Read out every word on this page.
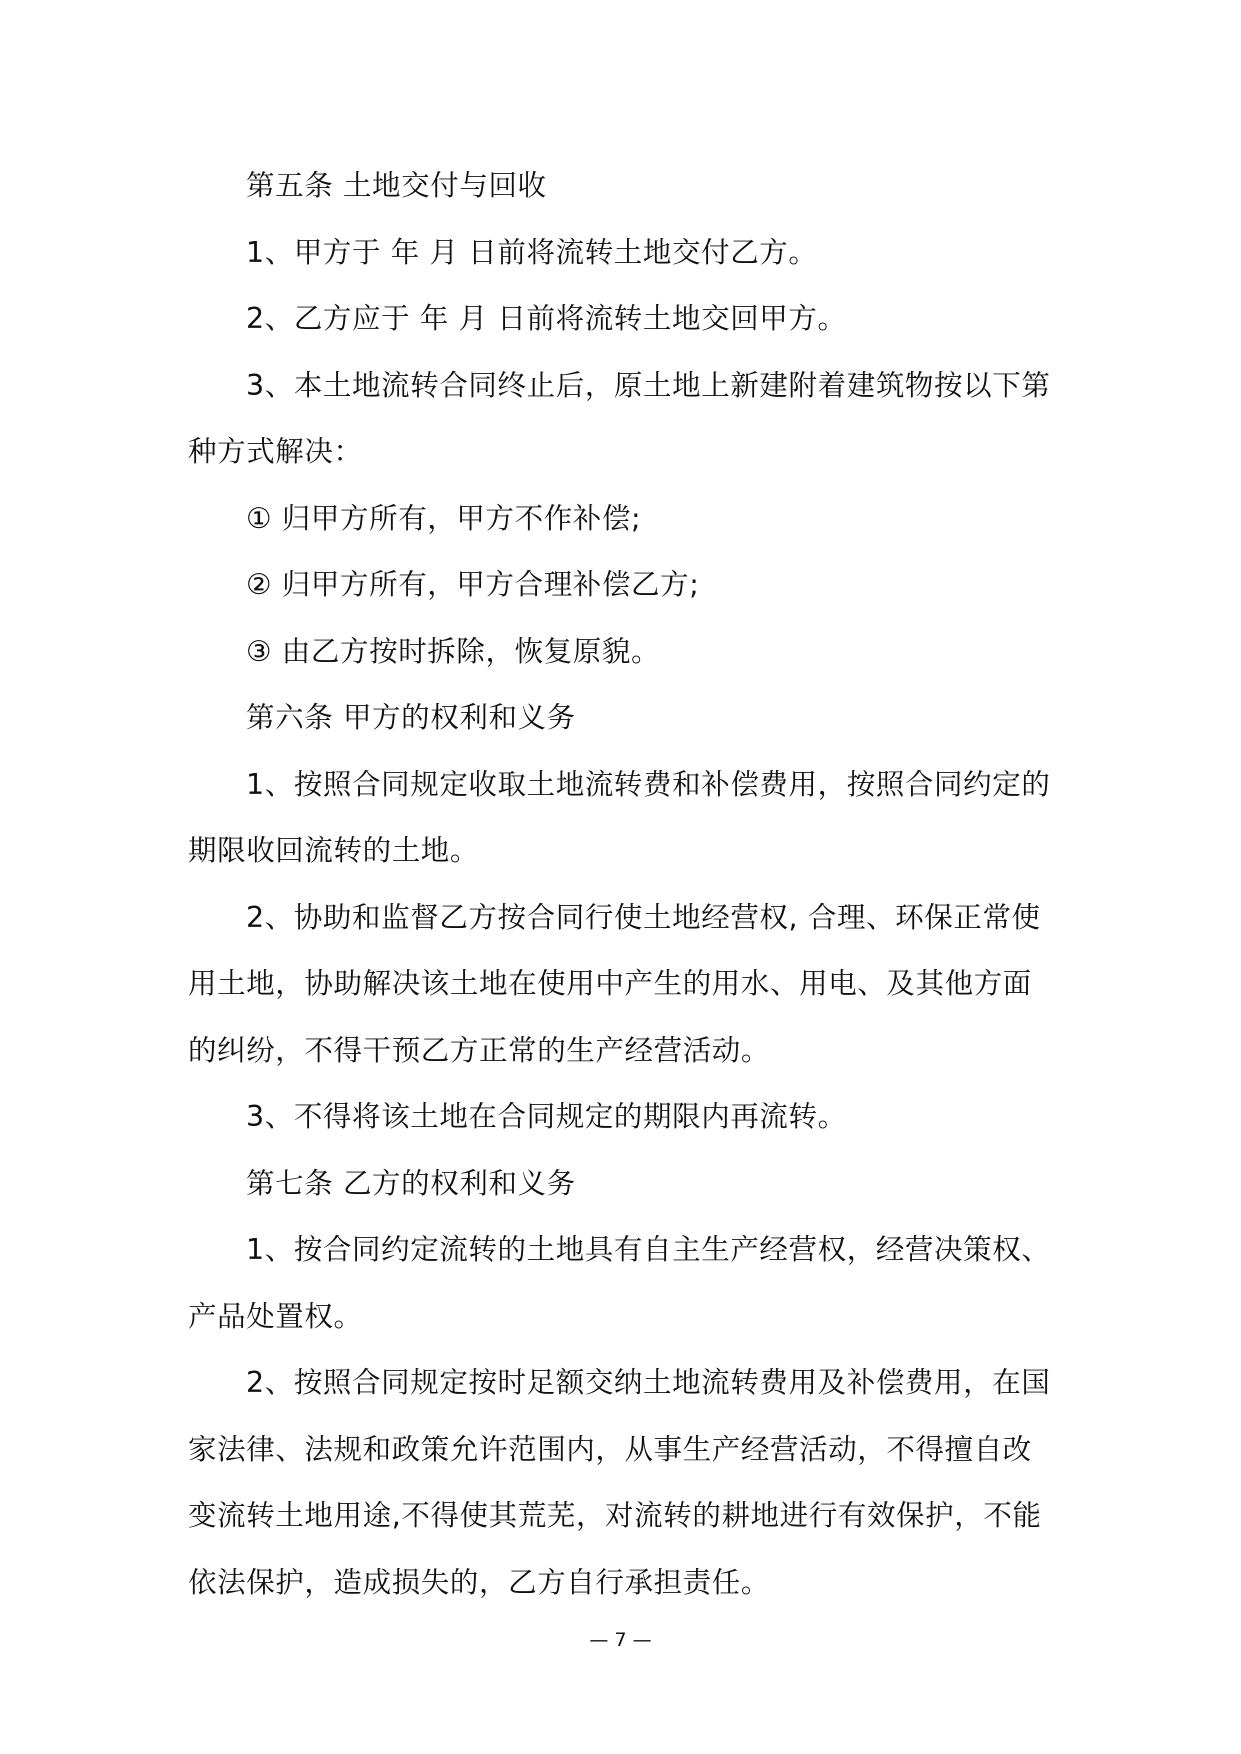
第五条 土地交付与回收

1、甲方于 年 月 日前将流转土地交付乙方。

2、乙方应于 年 月 日前将流转土地交回甲方。

3、本土地流转合同终止后，原土地上新建附着建筑物按以下第种方式解决：

① 归甲方所有，甲方不作补偿;

② 归甲方所有，甲方合理补偿乙方;

③ 由乙方按时拆除，恢复原貌。

第六条 甲方的权利和义务

1、按照合同规定收取土地流转费和补偿费用，按照合同约定的期限收回流转的土地。

2、协助和监督乙方按合同行使土地经营权, 合理、环保正常使用土地，协助解决该土地在使用中产生的用水、用电、及其他方面的纠纷，不得干预乙方正常的生产经营活动。

3、不得将该土地在合同规定的期限内再流转。

第七条 乙方的权利和义务

1、按合同约定流转的土地具有自主生产经营权，经营决策权、产品处置权。

2、按照合同规定按时足额交纳土地流转费用及补偿费用，在国家法律、法规和政策允许范围内，从事生产经营活动，不得擅自改变流转土地用途,不得使其荒芜，对流转的耕地进行有效保护，不能依法保护，造成损失的，乙方自行承担责任。

— 7 —
